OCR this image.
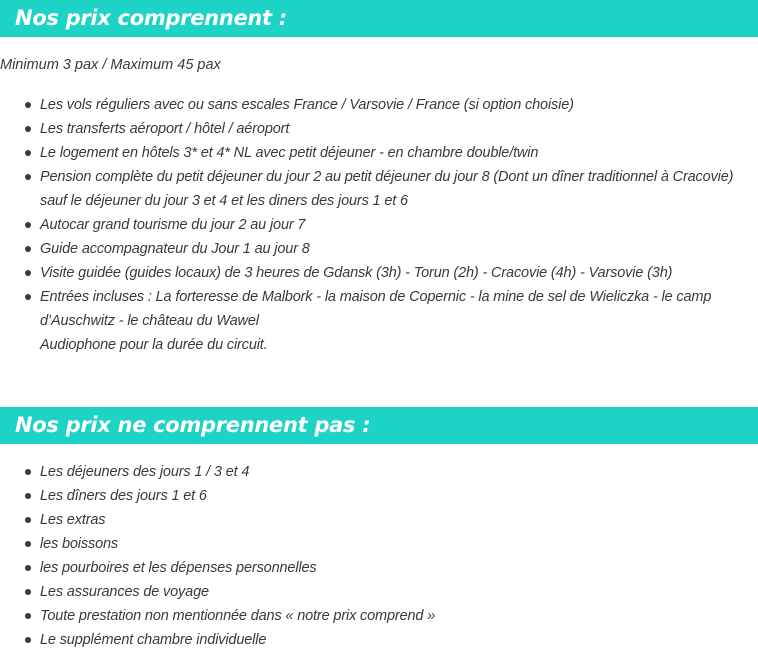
Nos prix comprennent :
Minimum 3 pax / Maximum 45 pax
Les vols réguliers avec ou sans escales France / Varsovie / France (si option choisie)
Les transferts aéroport / hôtel / aéroport
Le logement en hôtels 3* et 4* NL avec petit déjeuner - en chambre double/twin
Pension complète du petit déjeuner du jour 2 au petit déjeuner du jour 8 (Dont un dîner traditionnel à Cracovie) sauf le déjeuner du jour 3 et 4 et les diners des jours 1 et 6
Autocar grand tourisme du jour 2 au jour 7
Guide accompagnateur du Jour 1 au jour 8
Visite guidée (guides locaux) de 3 heures de Gdansk (3h) - Torun (2h) - Cracovie (4h) - Varsovie (3h)
Entrées incluses : La forteresse de Malbork - la maison de Copernic - la mine de sel de Wieliczka - le camp d’Auschwitz - le château du Wawel
Audiophone pour la durée du circuit.
Nos prix ne comprennent pas :
Les déjeuners des jours 1 / 3 et 4
Les dîners des jours 1 et 6
Les extras
les boissons
les pourboires et les dépenses personnelles
Les assurances de voyage
Toute prestation non mentionnée dans « notre prix comprend »
Le supplément chambre individuelle
